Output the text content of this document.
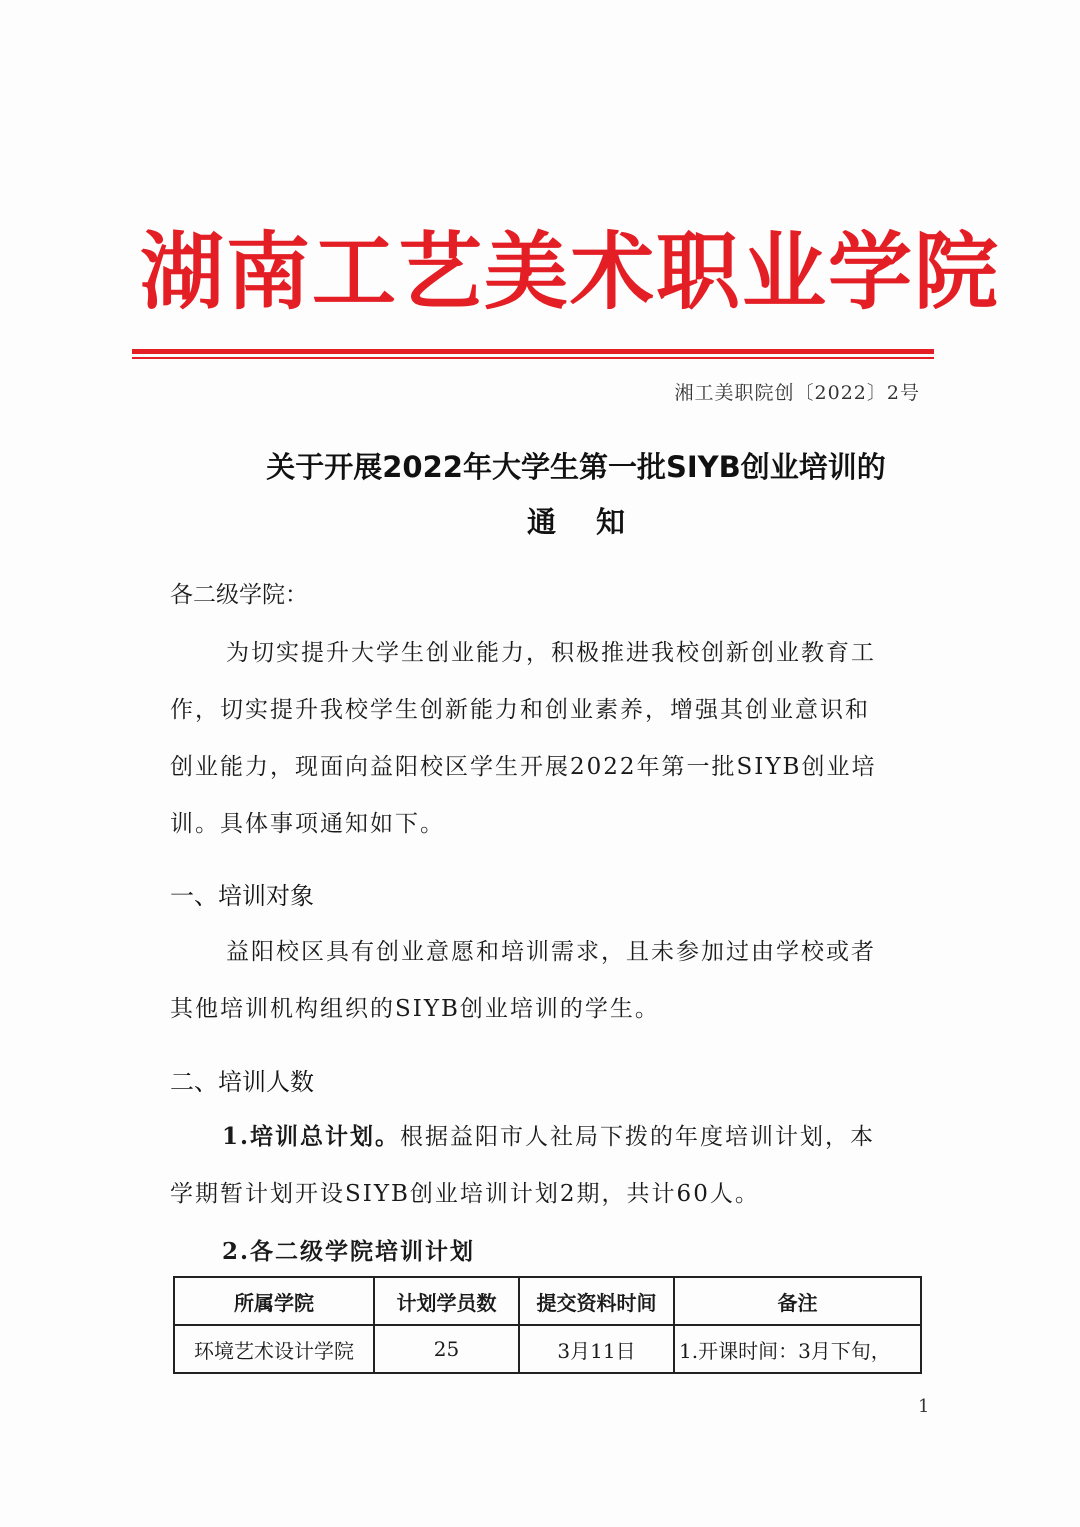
湖南工艺美术职业学院
湘工美职院创〔2022〕2号
关于开展2022年大学生第一批SIYB创业培训的
通知
各二级学院：
为切实提升大学生创业能力，积极推进我校创新创业教育工
作，切实提升我校学生创新能力和创业素养，增强其创业意识和
创业能力，现面向益阳校区学生开展2022年第一批SIYB创业培
训。具体事项通知如下。
一、培训对象
益阳校区具有创业意愿和培训需求，且未参加过由学校或者
其他培训机构组织的SIYB创业培训的学生。
二、培训人数
1.培训总计划。根据益阳市人社局下拨的年度培训计划，本
学期暂计划开设SIYB创业培训计划2期，共计60人。
2.各二级学院培训计划
所属学院	计划学员数	提交资料时间	备注
环境艺术设计学院	25	3月11日	1.开课时间：3月下旬，
1
